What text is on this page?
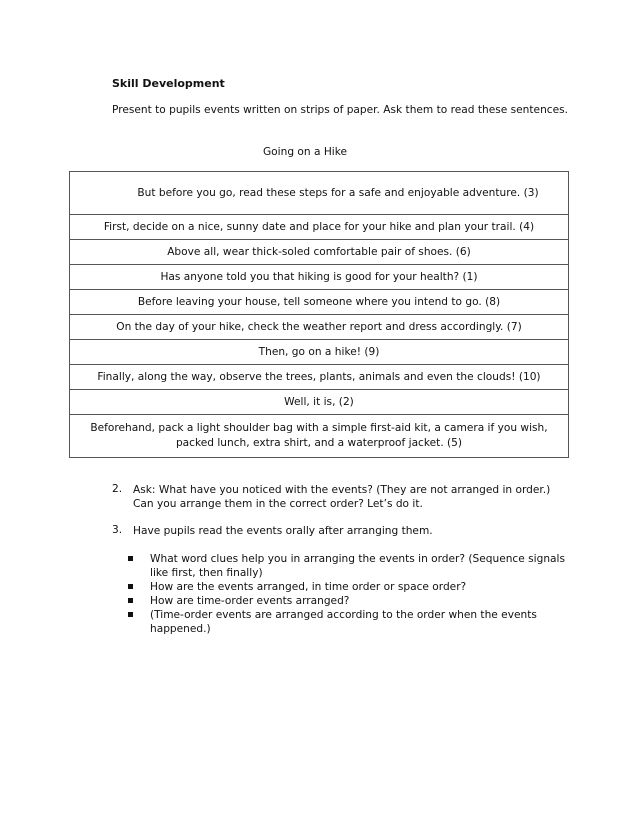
Skill Development
Present to pupils events written on strips of paper. Ask them to read these sentences.
Going on a Hike
But before you go, read these steps for a safe and enjoyable adventure. (3)
First, decide on a nice, sunny date and place for your hike and plan your trail. (4)
Above all, wear thick-soled comfortable pair of shoes. (6)
Has anyone told you that hiking is good for your health? (1)
Before leaving your house, tell someone where you intend to go. (8)
On the day of your hike, check the weather report and dress accordingly. (7)
Then, go on a hike! (9)
Finally, along the way, observe the trees, plants, animals and even the clouds! (10)
Well, it is, (2)
Beforehand, pack a light shoulder bag with a simple first-aid kit, a camera if you wish, packed lunch, extra shirt, and a waterproof jacket. (5)
2.	Ask: What have you noticed with the events? (They are not arranged in order.) Can you arrange them in the correct order? Let’s do it.
3.	Have pupils read the events orally after arranging them.
What word clues help you in arranging the events in order? (Sequence signals like first, then finally)
How are the events arranged, in time order or space order?
How are time-order events arranged?
(Time-order events are arranged according to the order when the events happened.)
